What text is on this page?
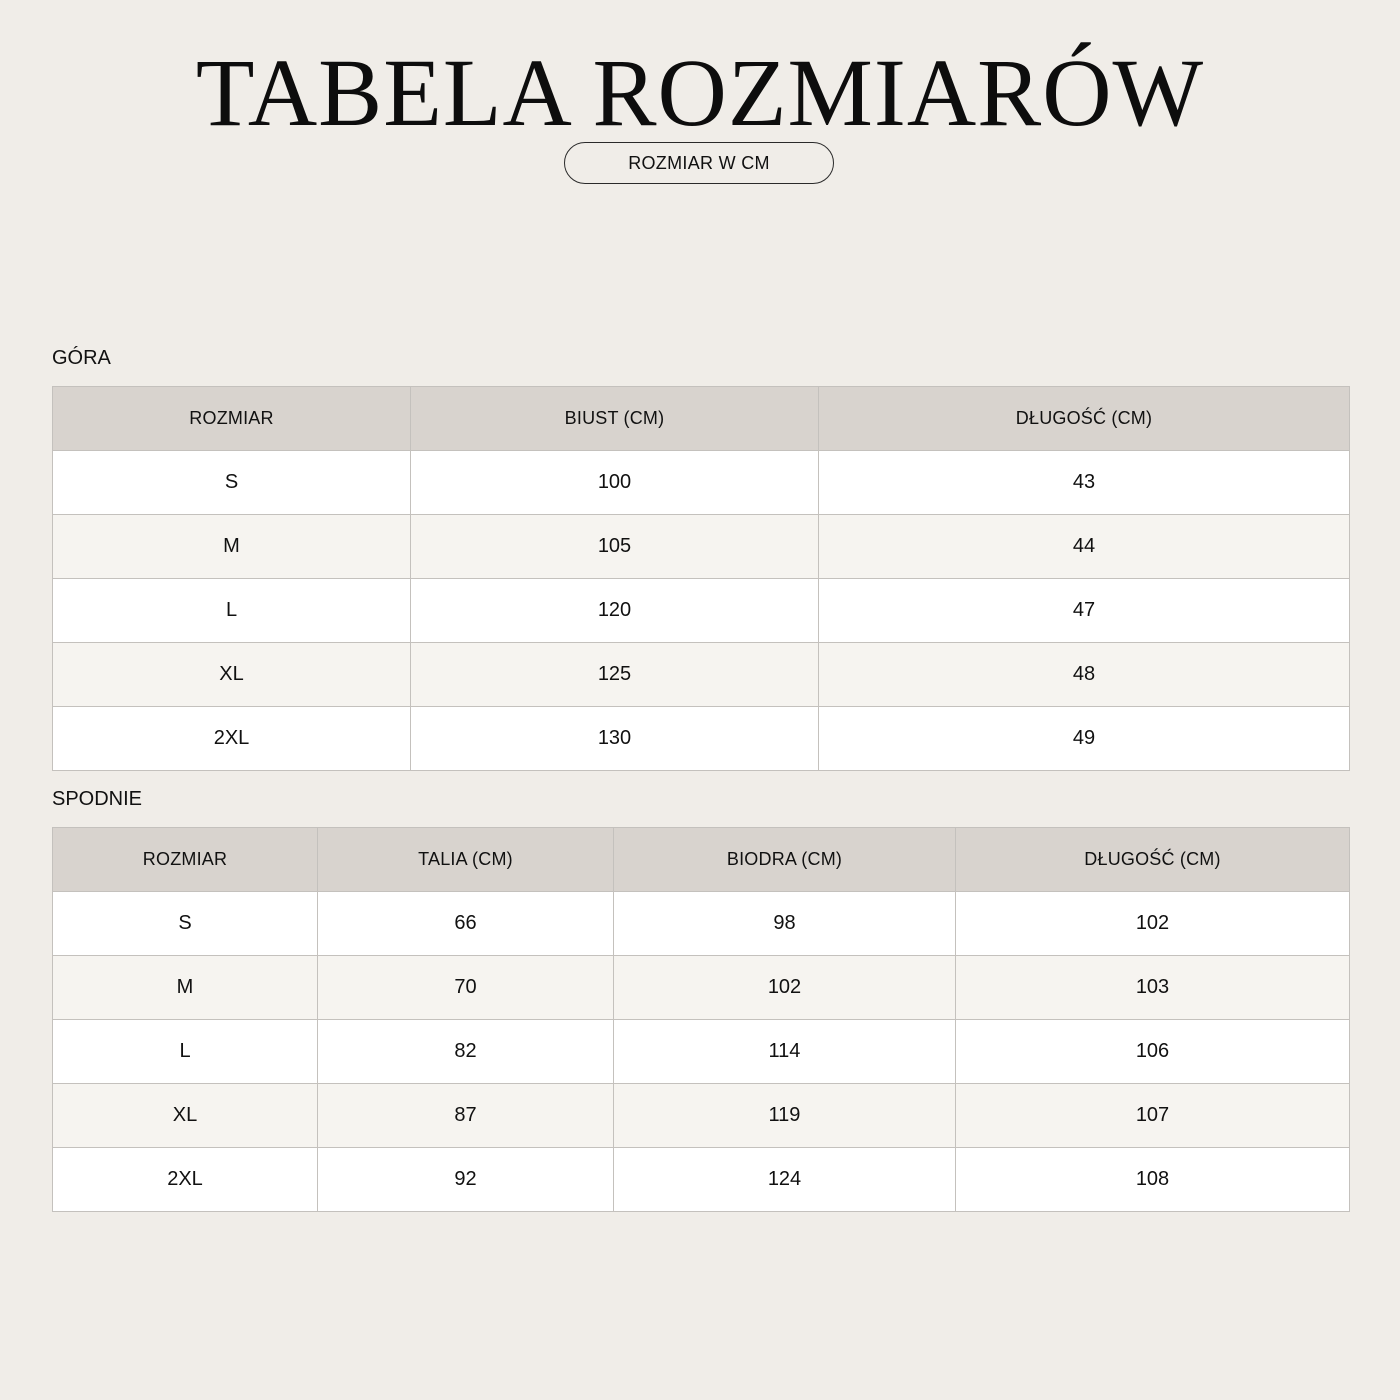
TABELA ROZMIARÓW
ROZMIAR W CM
GÓRA
ROZMIAR	BIUST (CM)	DŁUGOŚĆ (CM)
S	100	43
M	105	44
L	120	47
XL	125	48
2XL	130	49
SPODNIE
ROZMIAR	TALIA (CM)	BIODRA (CM)	DŁUGOŚĆ (CM)
S	66	98	102
M	70	102	103
L	82	114	106
XL	87	119	107
2XL	92	124	108
